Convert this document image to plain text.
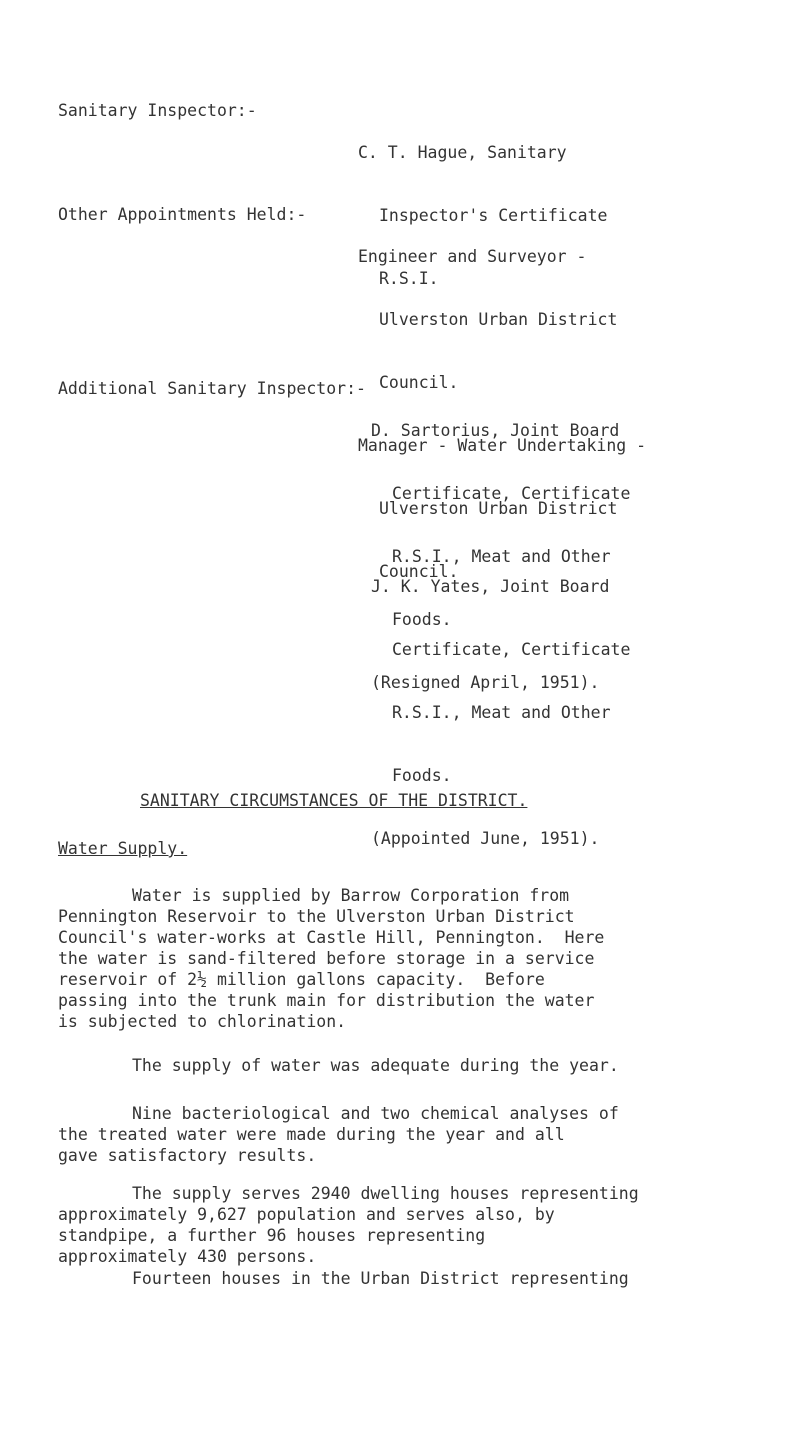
Sanitary Inspector:-

C. T. Hague, Sanitary

Inspector's Certificate

R.S.I.

Other Appointments Held:-

Engineer and Surveyor -

Ulverston Urban District

Council.

Manager - Water Undertaking -

Ulverston Urban District

Council.

Additional Sanitary Inspector:-

D. Sartorius, Joint Board

Certificate, Certificate

R.S.I., Meat and Other

Foods.

(Resigned April, 1951).

J. K. Yates, Joint Board

Certificate, Certificate

R.S.I., Meat and Other

Foods.

(Appointed June, 1951).

SANITARY CIRCUMSTANCES OF THE DISTRICT.
Water Supply.
Water is supplied by Barrow Corporation from
Pennington Reservoir to the Ulverston Urban District
Council's water-works at Castle Hill, Pennington.  Here
the water is sand-filtered before storage in a service
reservoir of 2½ million gallons capacity.  Before
passing into the trunk main for distribution the water
is subjected to chlorination.
The supply of water was adequate during the year.
Nine bacteriological and two chemical analyses of
the treated water were made during the year and all
gave satisfactory results.
The supply serves 2940 dwelling houses representing
approximately 9,627 population and serves also, by
standpipe, a further 96 houses representing
approximately 430 persons.
Fourteen houses in the Urban District representing
